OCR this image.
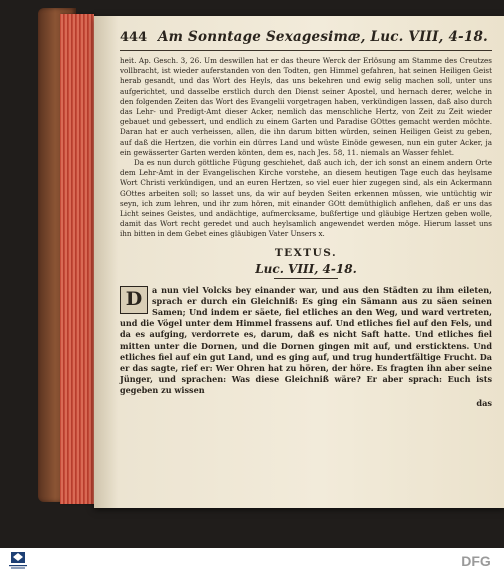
444 Am Sonntage Sexagesimæ, Luc. VIII, 4-18.

heit. Ap. Gesch. 3, 26. Um deswillen hat er das theure Werck der Erlösung am Stamme des Creutzes vollbracht, ist wieder auferstanden von den Todten, gen Himmel gefahren, hat seinen Heiligen Geist herab gesandt, und das Wort des Heyls, das uns bekehren und ewig selig machen soll, unter uns aufgerichtet, und dasselbe erstlich durch den Dienst seiner Apostel, und hernach derer, welche in den folgenden Zeiten das Wort des Evangelii vorgetragen haben, verkündigen lassen, daß also durch das Lehr- und Predigt-Amt dieser Acker, nemlich das menschliche Hertz, von Zeit zu Zeit wieder gebauet und gebessert, und endlich zu einem Garten und Paradise GOttes gemacht werden möchte. Daran hat er auch verheissen, allen, die ihn darum bitten würden, seinen Heiligen Geist zu geben, auf daß die Hertzen, die vorhin ein dürres Land und wüste Einöde gewesen, nun ein guter Acker, ja ein gewässerter Garten werden könten, dem es, nach Jes. 58, 11. niemals an Wasser fehlet.

Da es nun durch göttliche Fügung geschiehet, daß auch ich, der ich sonst an einem andern Orte dem Lehr-Amt in der Evangelischen Kirche vorstehe, an diesem heutigen Tage euch das heylsame Wort Christi verkündigen, und an euren Hertzen, so viel euer hier zugegen sind, als ein Ackermann GOttes arbeiten soll; so lasset uns, da wir auf beyden Seiten erkennen müssen, wie untüchtig wir seyn, ich zum lehren, und ihr zum hören, mit einander GOtt demüthiglich anflehen, daß er uns das Licht seines Geistes, und andächtige, aufmercksame, bußfertige und gläubige Hertzen geben wolle, damit das Wort recht geredet und auch heylsamlich angewendet werden möge. Hierum lasset uns ihn bitten in dem Gebet eines gläubigen Vater Unsers x.

TEXTUS.
Luc. VIII, 4-18.
D	a nun viel Volcks bey einander war, und aus den Städten zu ihm eileten, sprach er durch ein Gleichniß: Es ging ein Sämann aus zu säen seinen Samen; Und indem er säete, fiel etliches an den Weg, und ward vertreten, und die Vögel unter dem Himmel frassens auf. Und etliches fiel auf den Fels, und da es aufging, verdorrete es, darum, daß es nicht Saft hatte. Und etliches fiel mitten unter die Dornen, und die Dornen gingen mit auf, und ersticktens. Und etliches fiel auf ein gut Land, und es ging auf, und trug hundertfältige Frucht. Da er das sagte, rief er: Wer Ohren hat zu hören, der höre. Es fragten ihn aber seine Jünger, und sprachen: Was diese Gleichniß wäre? Er aber sprach: Euch ists gegeben zu wissen

das
DFG
